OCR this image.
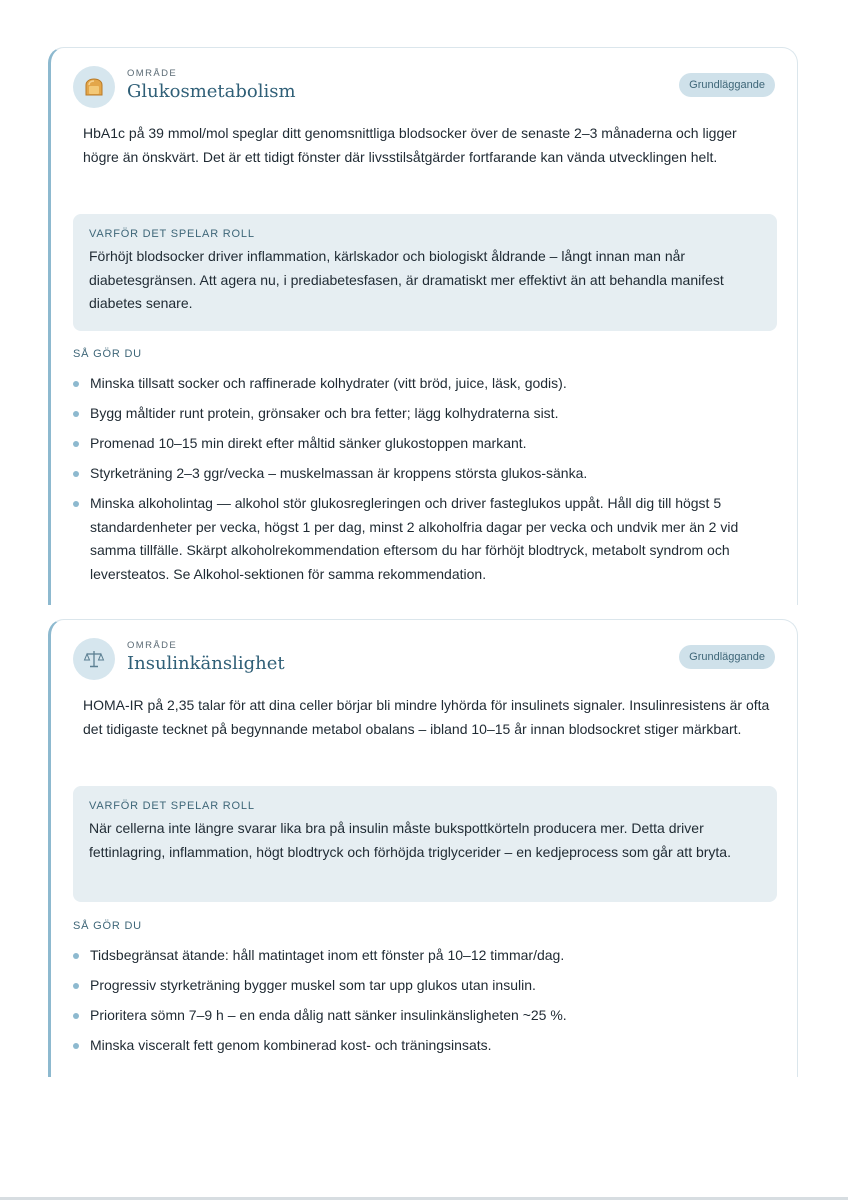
OMRÅDE
Glukosmetabolism	Grundläggande

HbA1c på 39 mmol/mol speglar ditt genomsnittliga blodsocker över de senaste 2–3 månaderna och ligger högre än önskvärt. Det är ett tidigt fönster där livsstilsåtgärder fortfarande kan vända utvecklingen helt.

VARFÖR DET SPELAR ROLL

Förhöjt blodsocker driver inflammation, kärlskador och biologiskt åldrande – långt innan man når diabetesgränsen. Att agera nu, i prediabetesfasen, är dramatiskt mer effektivt än att behandla manifest diabetes senare.

SÅ GÖR DU
Minska tillsatt socker och raffinerade kolhydrater (vitt bröd, juice, läsk, godis).
Bygg måltider runt protein, grönsaker och bra fetter; lägg kolhydraterna sist.
Promenad 10–15 min direkt efter måltid sänker glukostoppen markant.
Styrketräning 2–3 ggr/vecka – muskelmassan är kroppens största glukos-sänka.
Minska alkoholintag — alkohol stör glukosregleringen och driver fasteglukos uppåt. Håll dig till högst 5 standardenheter per vecka, högst 1 per dag, minst 2 alkoholfria dagar per vecka och undvik mer än 2 vid samma tillfälle. Skärpt alkoholrekommendation eftersom du har förhöjt blodtryck, metabolt syndrom och leversteatos. Se Alkohol-sektionen för samma rekommendation.
OMRÅDE
Insulinkänslighet	Grundläggande

HOMA-IR på 2,35 talar för att dina celler börjar bli mindre lyhörda för insulinets signaler. Insulinresistens är ofta det tidigaste tecknet på begynnande metabol obalans – ibland 10–15 år innan blodsockret stiger märkbart.

VARFÖR DET SPELAR ROLL

När cellerna inte längre svarar lika bra på insulin måste bukspottkörteln producera mer. Detta driver fettinlagring, inflammation, högt blodtryck och förhöjda triglycerider – en kedjeprocess som går att bryta.

SÅ GÖR DU
Tidsbegränsat ätande: håll matintaget inom ett fönster på 10–12 timmar/dag.
Progressiv styrketräning bygger muskel som tar upp glukos utan insulin.
Prioritera sömn 7–9 h – en enda dålig natt sänker insulinkänsligheten ~25 %.
Minska visceralt fett genom kombinerad kost- och träningsinsats.
